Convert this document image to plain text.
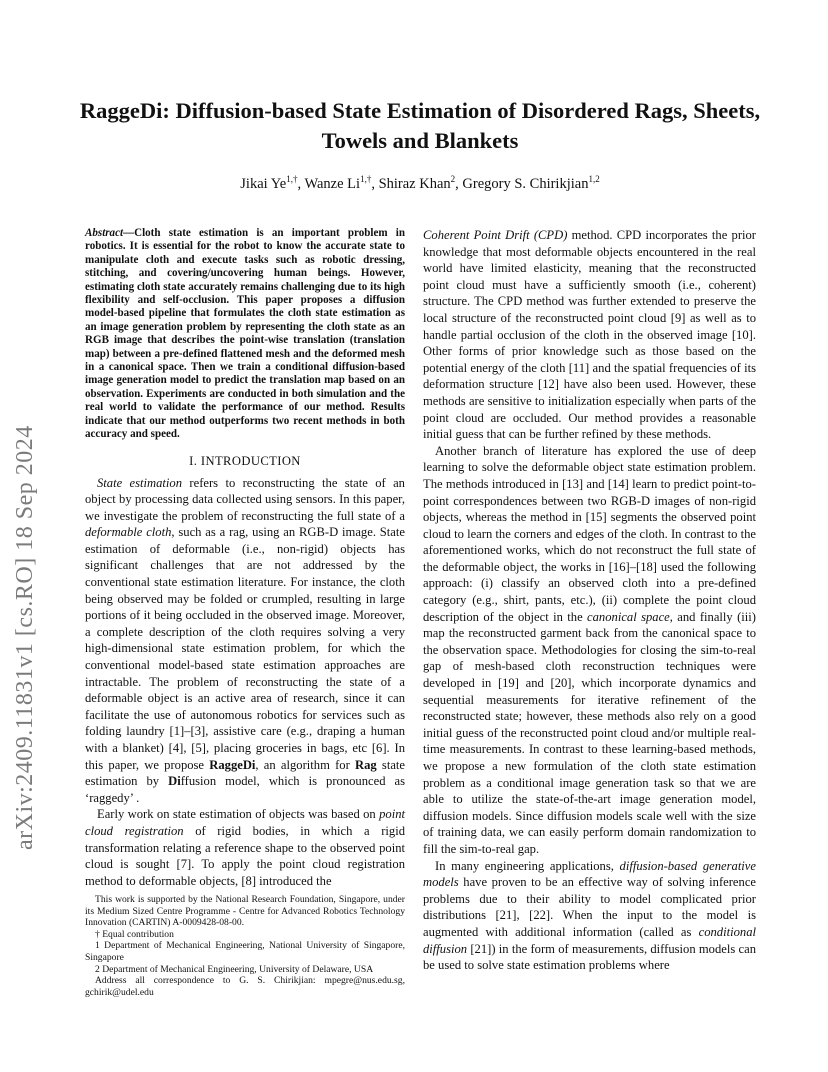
arXiv:2409.11831v1 [cs.RO] 18 Sep 2024
RaggeDi: Diffusion-based State Estimation of Disordered Rags, Sheets, Towels and Blankets
Jikai $Ye^{1,\dagger}$, Wanze $Li^{1,\dagger}$, Shiraz Khan$^2$, Gregory S. Chirikjian$^{1,2}$

Abstract—Cloth state estimation is an important problem in robotics. It is essential for the robot to know the accurate state to manipulate cloth and execute tasks such as robotic dressing, stitching, and covering/uncovering human beings. However, estimating cloth state accurately remains challenging due to its high flexibility and self-occlusion. This paper proposes a diffusion model-based pipeline that formulates the cloth state estimation as an image generation problem by representing the cloth state as an RGB image that describes the point-wise translation (translation map) between a pre-defined flattened mesh and the deformed mesh in a canonical space. Then we train a conditional diffusion-based image generation model to predict the translation map based on an observation. Experiments are conducted in both simulation and the real world to validate the performance of our method. Results indicate that our method outperforms two recent methods in both accuracy and speed.

I. INTRODUCTION

State estimation refers to reconstructing the state of an object by processing data collected using sensors. In this paper, we investigate the problem of reconstructing the full state of a deformable cloth, such as a rag, using an RGB-D image. State estimation of deformable (i.e., non-rigid) objects has significant challenges that are not addressed by the conventional state estimation literature. For instance, the cloth being observed may be folded or crumpled, resulting in large portions of it being occluded in the observed image. Moreover, a complete description of the cloth requires solving a very high-dimensional state estimation problem, for which the conventional model-based state estimation approaches are intractable. The problem of reconstructing the state of a deformable object is an active area of research, since it can facilitate the use of autonomous robotics for services such as folding laundry [1]–[3], assistive care (e.g., draping a human with a blanket) [4], [5], placing groceries in bags, etc [6]. In this paper, we propose RaggeDi, an algorithm for Rag state estimation by Diffusion model, which is pronounced as ‘raggedy’ .

Early work on state estimation of objects was based on point cloud registration of rigid bodies, in which a rigid transformation relating a reference shape to the observed point cloud is sought [7]. To apply the point cloud registration method to deformable objects, [8] introduced the

This work is supported by the National Research Foundation, Singapore, under its Medium Sized Centre Programme - Centre for Advanced Robotics Technology Innovation (CARTIN) A-0009428-08-00.

† Equal contribution

1 Department of Mechanical Engineering, National University of Singapore, Singapore

2 Department of Mechanical Engineering, University of Delaware, USA

Address all correspondence to G. S. Chirikjian: mpegre@nus.edu.sg, gchirik@udel.edu

Coherent Point Drift (CPD) method. CPD incorporates the prior knowledge that most deformable objects encountered in the real world have limited elasticity, meaning that the reconstructed point cloud must have a sufficiently smooth (i.e., coherent) structure. The CPD method was further extended to preserve the local structure of the reconstructed point cloud [9] as well as to handle partial occlusion of the cloth in the observed image [10]. Other forms of prior knowledge such as those based on the potential energy of the cloth [11] and the spatial frequencies of its deformation structure [12] have also been used. However, these methods are sensitive to initialization especially when parts of the point cloud are occluded. Our method provides a reasonable initial guess that can be further refined by these methods.

Another branch of literature has explored the use of deep learning to solve the deformable object state estimation problem. The methods introduced in [13] and [14] learn to predict point-to-point correspondences between two RGB-D images of non-rigid objects, whereas the method in [15] segments the observed point cloud to learn the corners and edges of the cloth. In contrast to the aforementioned works, which do not reconstruct the full state of the deformable object, the works in [16]–[18] used the following approach: (i) classify an observed cloth into a pre-defined category (e.g., shirt, pants, etc.), (ii) complete the point cloud description of the object in the canonical space, and finally (iii) map the reconstructed garment back from the canonical space to the observation space. Methodologies for closing the sim-to-real gap of mesh-based cloth reconstruction techniques were developed in [19] and [20], which incorporate dynamics and sequential measurements for iterative refinement of the reconstructed state; however, these methods also rely on a good initial guess of the reconstructed point cloud and/or multiple real-time measurements. In contrast to these learning-based methods, we propose a new formulation of the cloth state estimation problem as a conditional image generation task so that we are able to utilize the state-of-the-art image generation model, diffusion models. Since diffusion models scale well with the size of training data, we can easily perform domain randomization to fill the sim-to-real gap.

In many engineering applications, diffusion-based generative models have proven to be an effective way of solving inference problems due to their ability to model complicated prior distributions [21], [22]. When the input to the model is augmented with additional information (called as conditional diffusion [21]) in the form of measurements, diffusion models can be used to solve state estimation problems where
